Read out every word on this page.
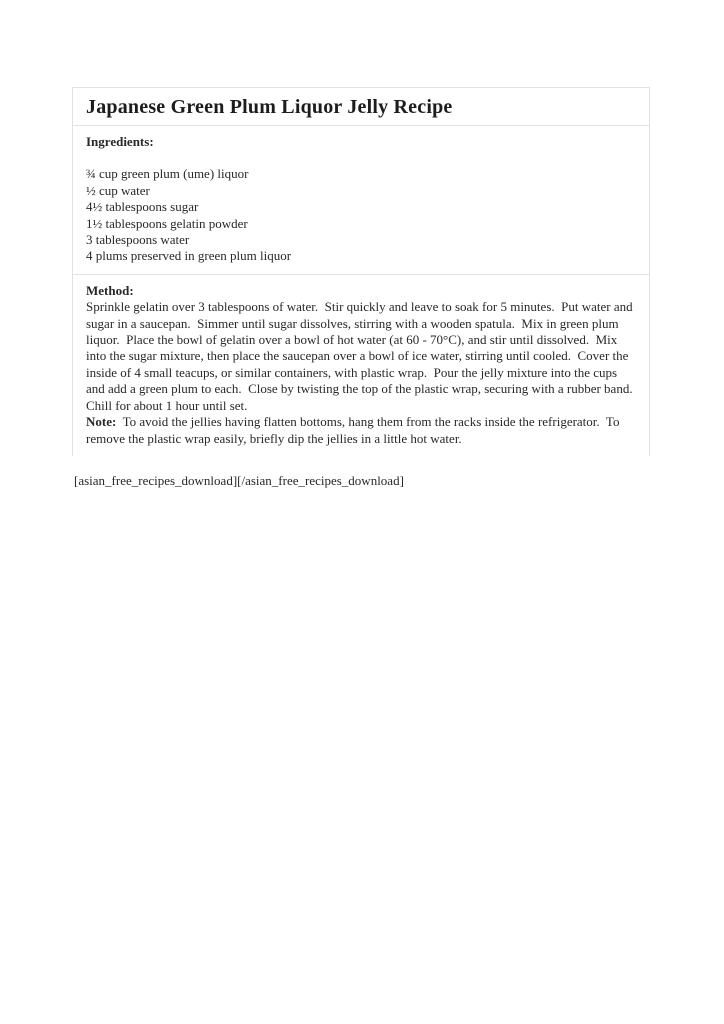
Japanese Green Plum Liquor Jelly Recipe

Ingredients:

¾ cup green plum (ume) liquor

½ cup water

4½ tablespoons sugar

1½ tablespoons gelatin powder

3 tablespoons water

4 plums preserved in green plum liquor

Method:

Sprinkle gelatin over 3 tablespoons of water.  Stir quickly and leave to soak for 5 minutes.  Put water and sugar in a saucepan.  Simmer until sugar dissolves, stirring with a wooden spatula.  Mix in green plum liquor.  Place the bowl of gelatin over a bowl of hot water (at 60 - 70°C), and stir until dissolved.  Mix into the sugar mixture, then place the saucepan over a bowl of ice water, stirring until cooled.  Cover the inside of 4 small teacups, or similar containers, with plastic wrap.  Pour the jelly mixture into the cups and add a green plum to each.  Close by twisting the top of the plastic wrap, securing with a rubber band.  Chill for about 1 hour until set.
Note:  To avoid the jellies having flatten bottoms, hang them from the racks inside the refrigerator.  To remove the plastic wrap easily, briefly dip the jellies in a little hot water.

[asian_free_recipes_download][/asian_free_recipes_download]
